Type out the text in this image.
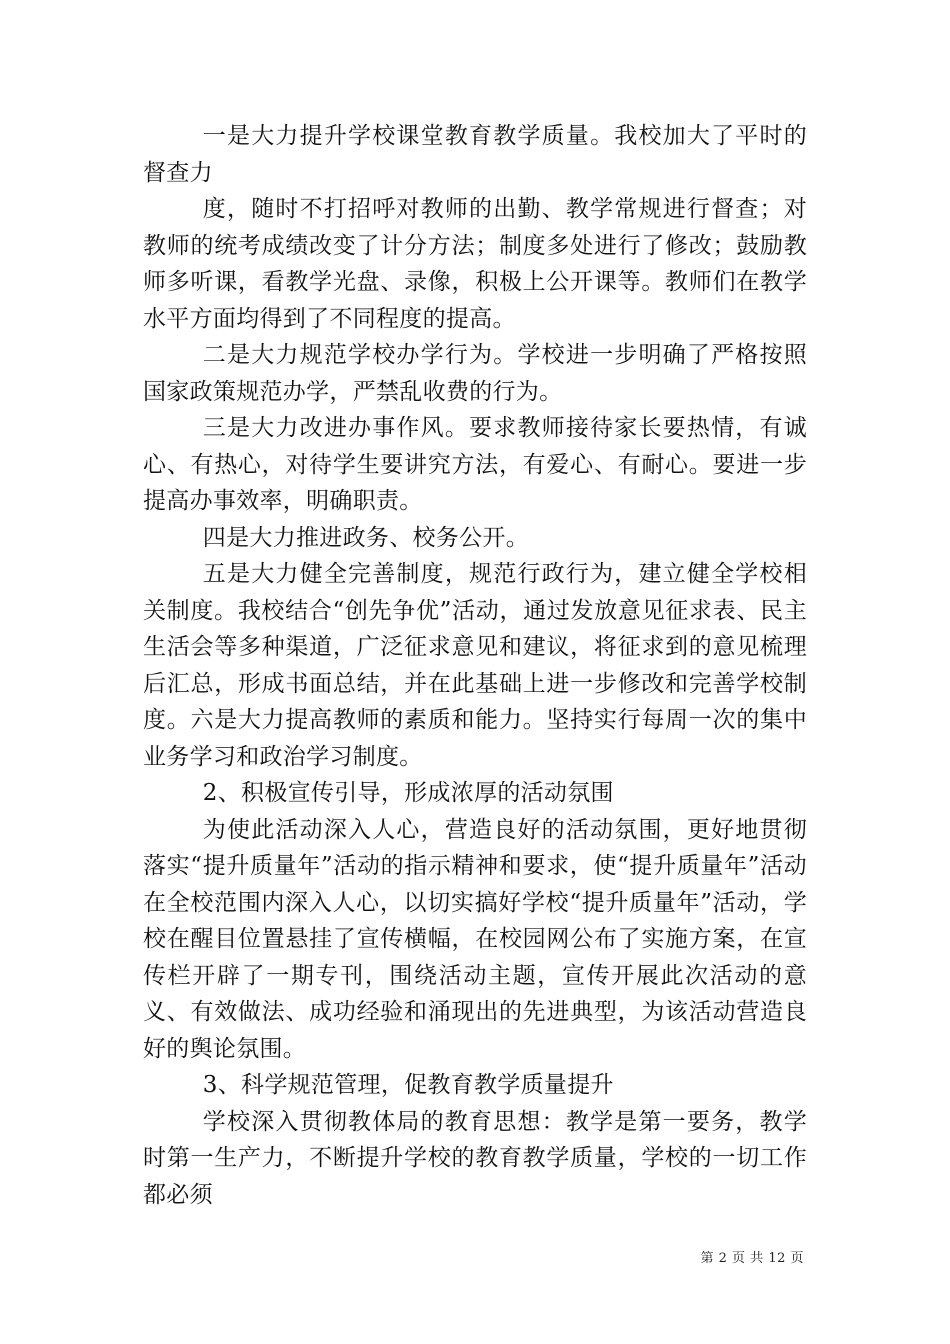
一是大力提升学校课堂教育教学质量。我校加大了平时的督查力

度，随时不打招呼对教师的出勤、教学常规进行督查；对教师的统考成绩改变了计分方法；制度多处进行了修改；鼓励教师多听课，看教学光盘、录像，积极上公开课等。教师们在教学水平方面均得到了不同程度的提高。

二是大力规范学校办学行为。学校进一步明确了严格按照国家政策规范办学，严禁乱收费的行为。

三是大力改进办事作风。要求教师接待家长要热情，有诚心、有热心，对待学生要讲究方法，有爱心、有耐心。要进一步提高办事效率，明确职责。

四是大力推进政务、校务公开。

五是大力健全完善制度，规范行政行为，建立健全学校相关制度。我校结合“创先争优”活动，通过发放意见征求表、民主生活会等多种渠道，广泛征求意见和建议，将征求到的意见梳理后汇总，形成书面总结，并在此基础上进一步修改和完善学校制度。六是大力提高教师的素质和能力。坚持实行每周一次的集中业务学习和政治学习制度。

2、积极宣传引导，形成浓厚的活动氛围

为使此活动深入人心，营造良好的活动氛围，更好地贯彻落实“提升质量年”活动的指示精神和要求，使“提升质量年”活动在全校范围内深入人心，以切实搞好学校“提升质量年”活动，学校在醒目位置悬挂了宣传横幅，在校园网公布了实施方案，在宣传栏开辟了一期专刊，围绕活动主题，宣传开展此次活动的意义、有效做法、成功经验和涌现出的先进典型，为该活动营造良好的舆论氛围。

3、科学规范管理，促教育教学质量提升

学校深入贯彻教体局的教育思想：教学是第一要务，教学时第一生产力，不断提升学校的教育教学质量，学校的一切工作都必须

第 2 页 共 12 页
